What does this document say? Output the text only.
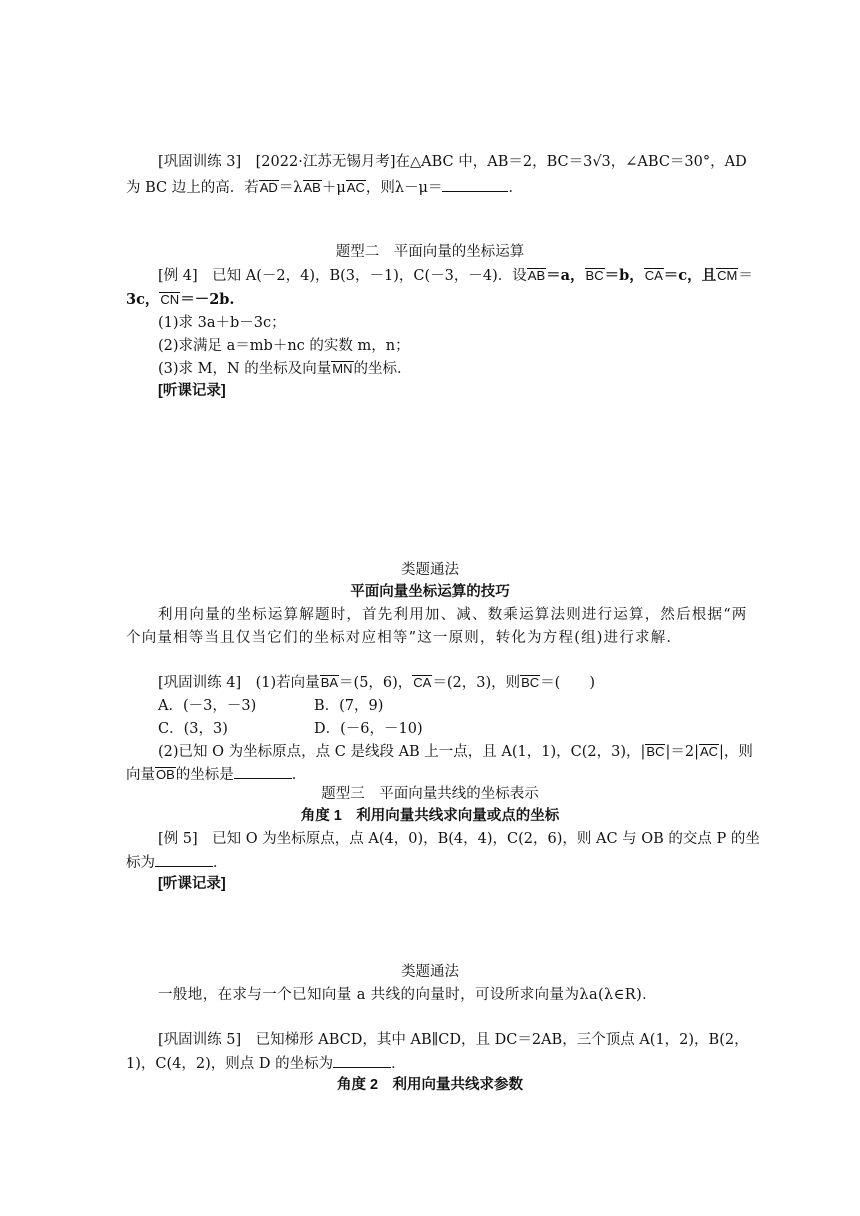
[巩固训练 3]　[2022·江苏无锡月考]在△ABC 中，AB＝2，BC＝3√3，∠ABC＝30°，AD
为 BC 边上的高．若AD＝λAB＋μAC，则λ－μ＝	．
题型二　平面向量的坐标运算
[例 4]　已知 A(－2，4)，B(3，－1)，C(－3，－4)．设AB＝a，BC＝b，CA＝c，且CM＝
3c，CN＝－2b.
(1)求 3a＋b－3c；
(2)求满足 a＝mb＋nc 的实数 m，n；
(3)求 M，N 的坐标及向量MN的坐标．
[听课记录]
类题通法
平面向量坐标运算的技巧
利用向量的坐标运算解题时，首先利用加、减、数乘运算法则进行运算，然后根据“两
个向量相等当且仅当它们的坐标对应相等”这一原则，转化为方程(组)进行求解．
[巩固训练 4]　(1)若向量BA＝(5，6)，CA＝(2，3)，则BC＝(　　)
A．(－3，－3)	B．(7，9)
C．(3，3)	D．(－6，－10)
(2)已知 O 为坐标原点，点 C 是线段 AB 上一点，且 A(1，1)，C(2，3)，|BC|＝2|AC|，则
向量OB的坐标是	．
题型三　平面向量共线的坐标表示
角度 1　利用向量共线求向量或点的坐标
[例 5]　已知 O 为坐标原点，点 A(4，0)，B(4，4)，C(2，6)，则 AC 与 OB 的交点 P 的坐
标为	．
[听课记录]
类题通法
一般地，在求与一个已知向量 a 共线的向量时，可设所求向量为λa(λ∈R)．
[巩固训练 5]　已知梯形 ABCD，其中 AB∥CD，且 DC＝2AB，三个顶点 A(1，2)，B(2，
1)，C(4，2)，则点 D 的坐标为	．
角度 2　利用向量共线求参数
